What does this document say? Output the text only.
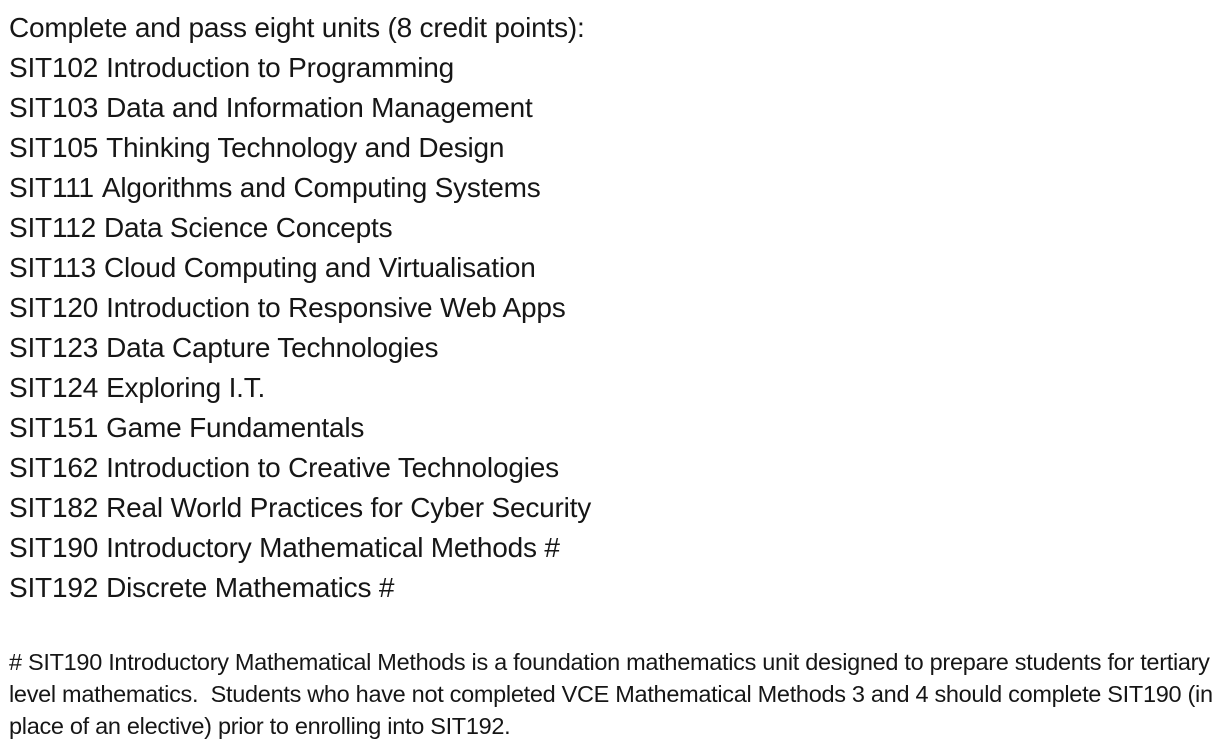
Complete and pass eight units (8 credit points):
SIT102 Introduction to Programming
SIT103 Data and Information Management
SIT105 Thinking Technology and Design
SIT111 Algorithms and Computing Systems
SIT112 Data Science Concepts
SIT113 Cloud Computing and Virtualisation
SIT120 Introduction to Responsive Web Apps
SIT123 Data Capture Technologies
SIT124 Exploring I.T.
SIT151 Game Fundamentals
SIT162 Introduction to Creative Technologies
SIT182 Real World Practices for Cyber Security
SIT190 Introductory Mathematical Methods #
SIT192 Discrete Mathematics #
# SIT190 Introductory Mathematical Methods is a foundation mathematics unit designed to prepare students for tertiary level mathematics.  Students who have not completed VCE Mathematical Methods 3 and 4 should complete SIT190 (in place of an elective) prior to enrolling into SIT192.
